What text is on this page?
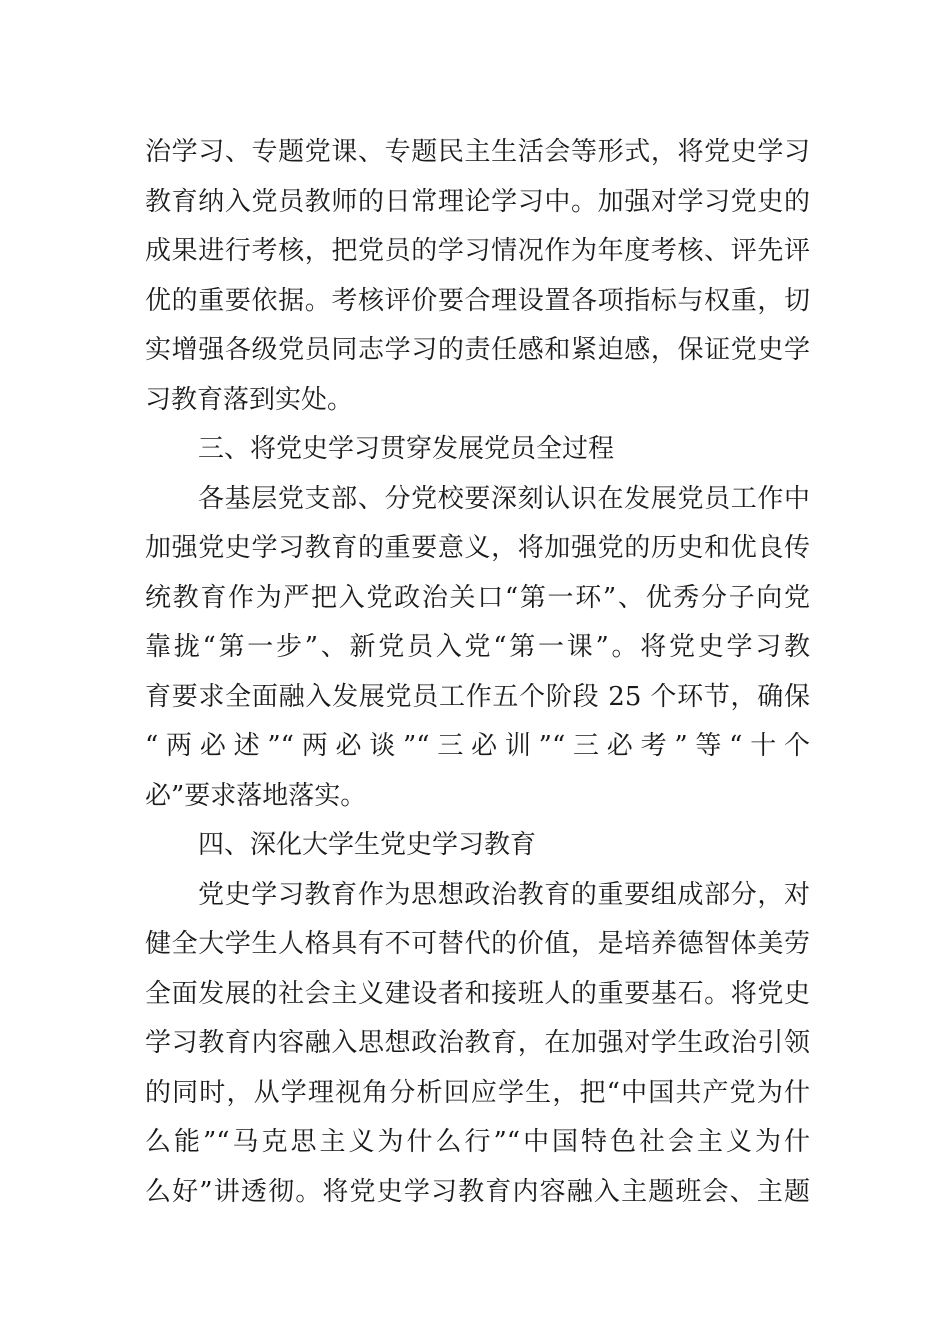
治学习、专题党课、专题民主生活会等形式，将党史学习
教育纳入党员教师的日常理论学习中。加强对学习党史的
成果进行考核，把党员的学习情况作为年度考核、评先评
优的重要依据。考核评价要合理设置各项指标与权重，切
实增强各级党员同志学习的责任感和紧迫感，保证党史学
习教育落到实处。
三、将党史学习贯穿发展党员全过程
各基层党支部、分党校要深刻认识在发展党员工作中
加强党史学习教育的重要意义，将加强党的历史和优良传
统教育作为严把入党政治关口“第一环”、优秀分子向党
靠拢“第一步”、新党员入党“第一课”。将党史学习教
育要求全面融入发展党员工作五个阶段 25 个环节，确保
“两必述”“两必谈”“三必训”“三必考”等“十个
必”要求落地落实。
四、深化大学生党史学习教育
党史学习教育作为思想政治教育的重要组成部分，对
健全大学生人格具有不可替代的价值，是培养德智体美劳
全面发展的社会主义建设者和接班人的重要基石。将党史
学习教育内容融入思想政治教育，在加强对学生政治引领
的同时，从学理视角分析回应学生，把“中国共产党为什
么能”“马克思主义为什么行”“中国特色社会主义为什
么好”讲透彻。将党史学习教育内容融入主题班会、主题
